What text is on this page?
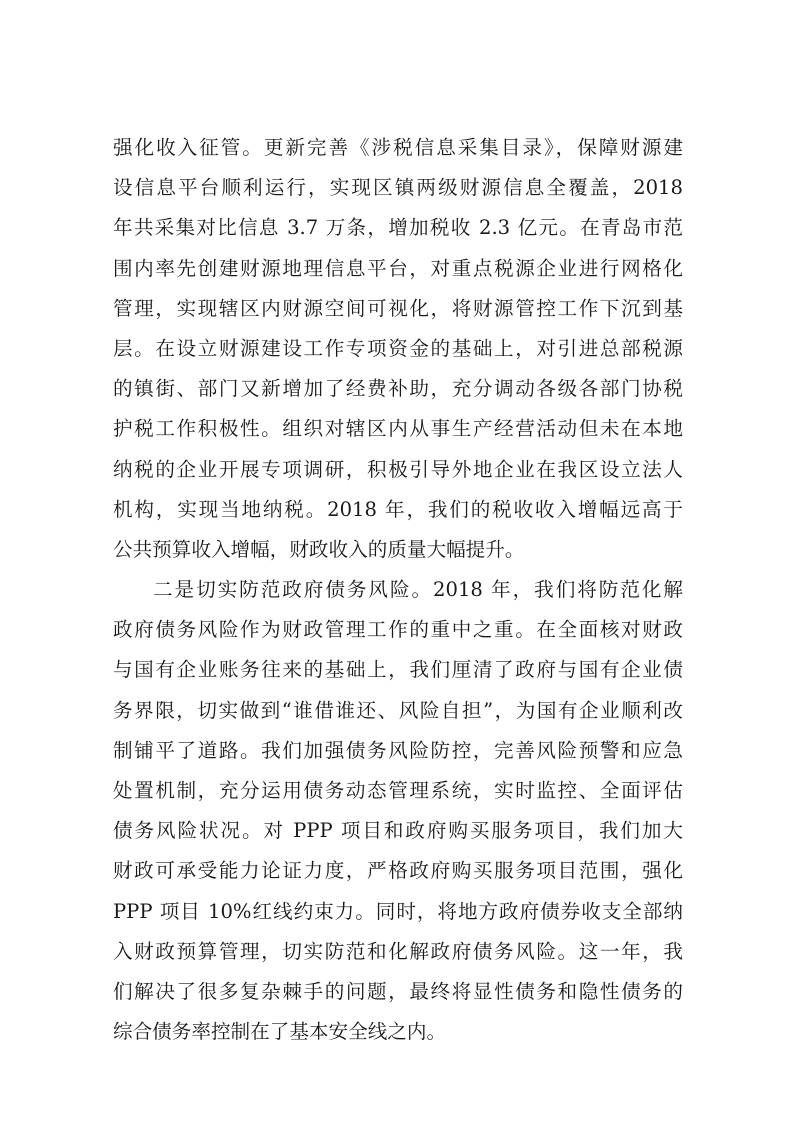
强化收入征管。更新完善《涉税信息采集目录》，保障财源建
设信息平台顺利运行，实现区镇两级财源信息全覆盖，2018
年共采集对比信息 3.7 万条，增加税收 2.3 亿元。在青岛市范
围内率先创建财源地理信息平台，对重点税源企业进行网格化
管理，实现辖区内财源空间可视化，将财源管控工作下沉到基
层。在设立财源建设工作专项资金的基础上，对引进总部税源
的镇街、部门又新增加了经费补助，充分调动各级各部门协税
护税工作积极性。组织对辖区内从事生产经营活动但未在本地
纳税的企业开展专项调研，积极引导外地企业在我区设立法人
机构，实现当地纳税。2018 年，我们的税收收入增幅远高于
公共预算收入增幅，财政收入的质量大幅提升。
二是切实防范政府债务风险。2018 年，我们将防范化解
政府债务风险作为财政管理工作的重中之重。在全面核对财政
与国有企业账务往来的基础上，我们厘清了政府与国有企业债
务界限，切实做到“谁借谁还、风险自担”，为国有企业顺利改
制铺平了道路。我们加强债务风险防控，完善风险预警和应急
处置机制，充分运用债务动态管理系统，实时监控、全面评估
债务风险状况。对 PPP 项目和政府购买服务项目，我们加大
财政可承受能力论证力度，严格政府购买服务项目范围，强化
PPP 项目 10%红线约束力。同时，将地方政府债券收支全部纳
入财政预算管理，切实防范和化解政府债务风险。这一年，我
们解决了很多复杂棘手的问题，最终将显性债务和隐性债务的
综合债务率控制在了基本安全线之内。
